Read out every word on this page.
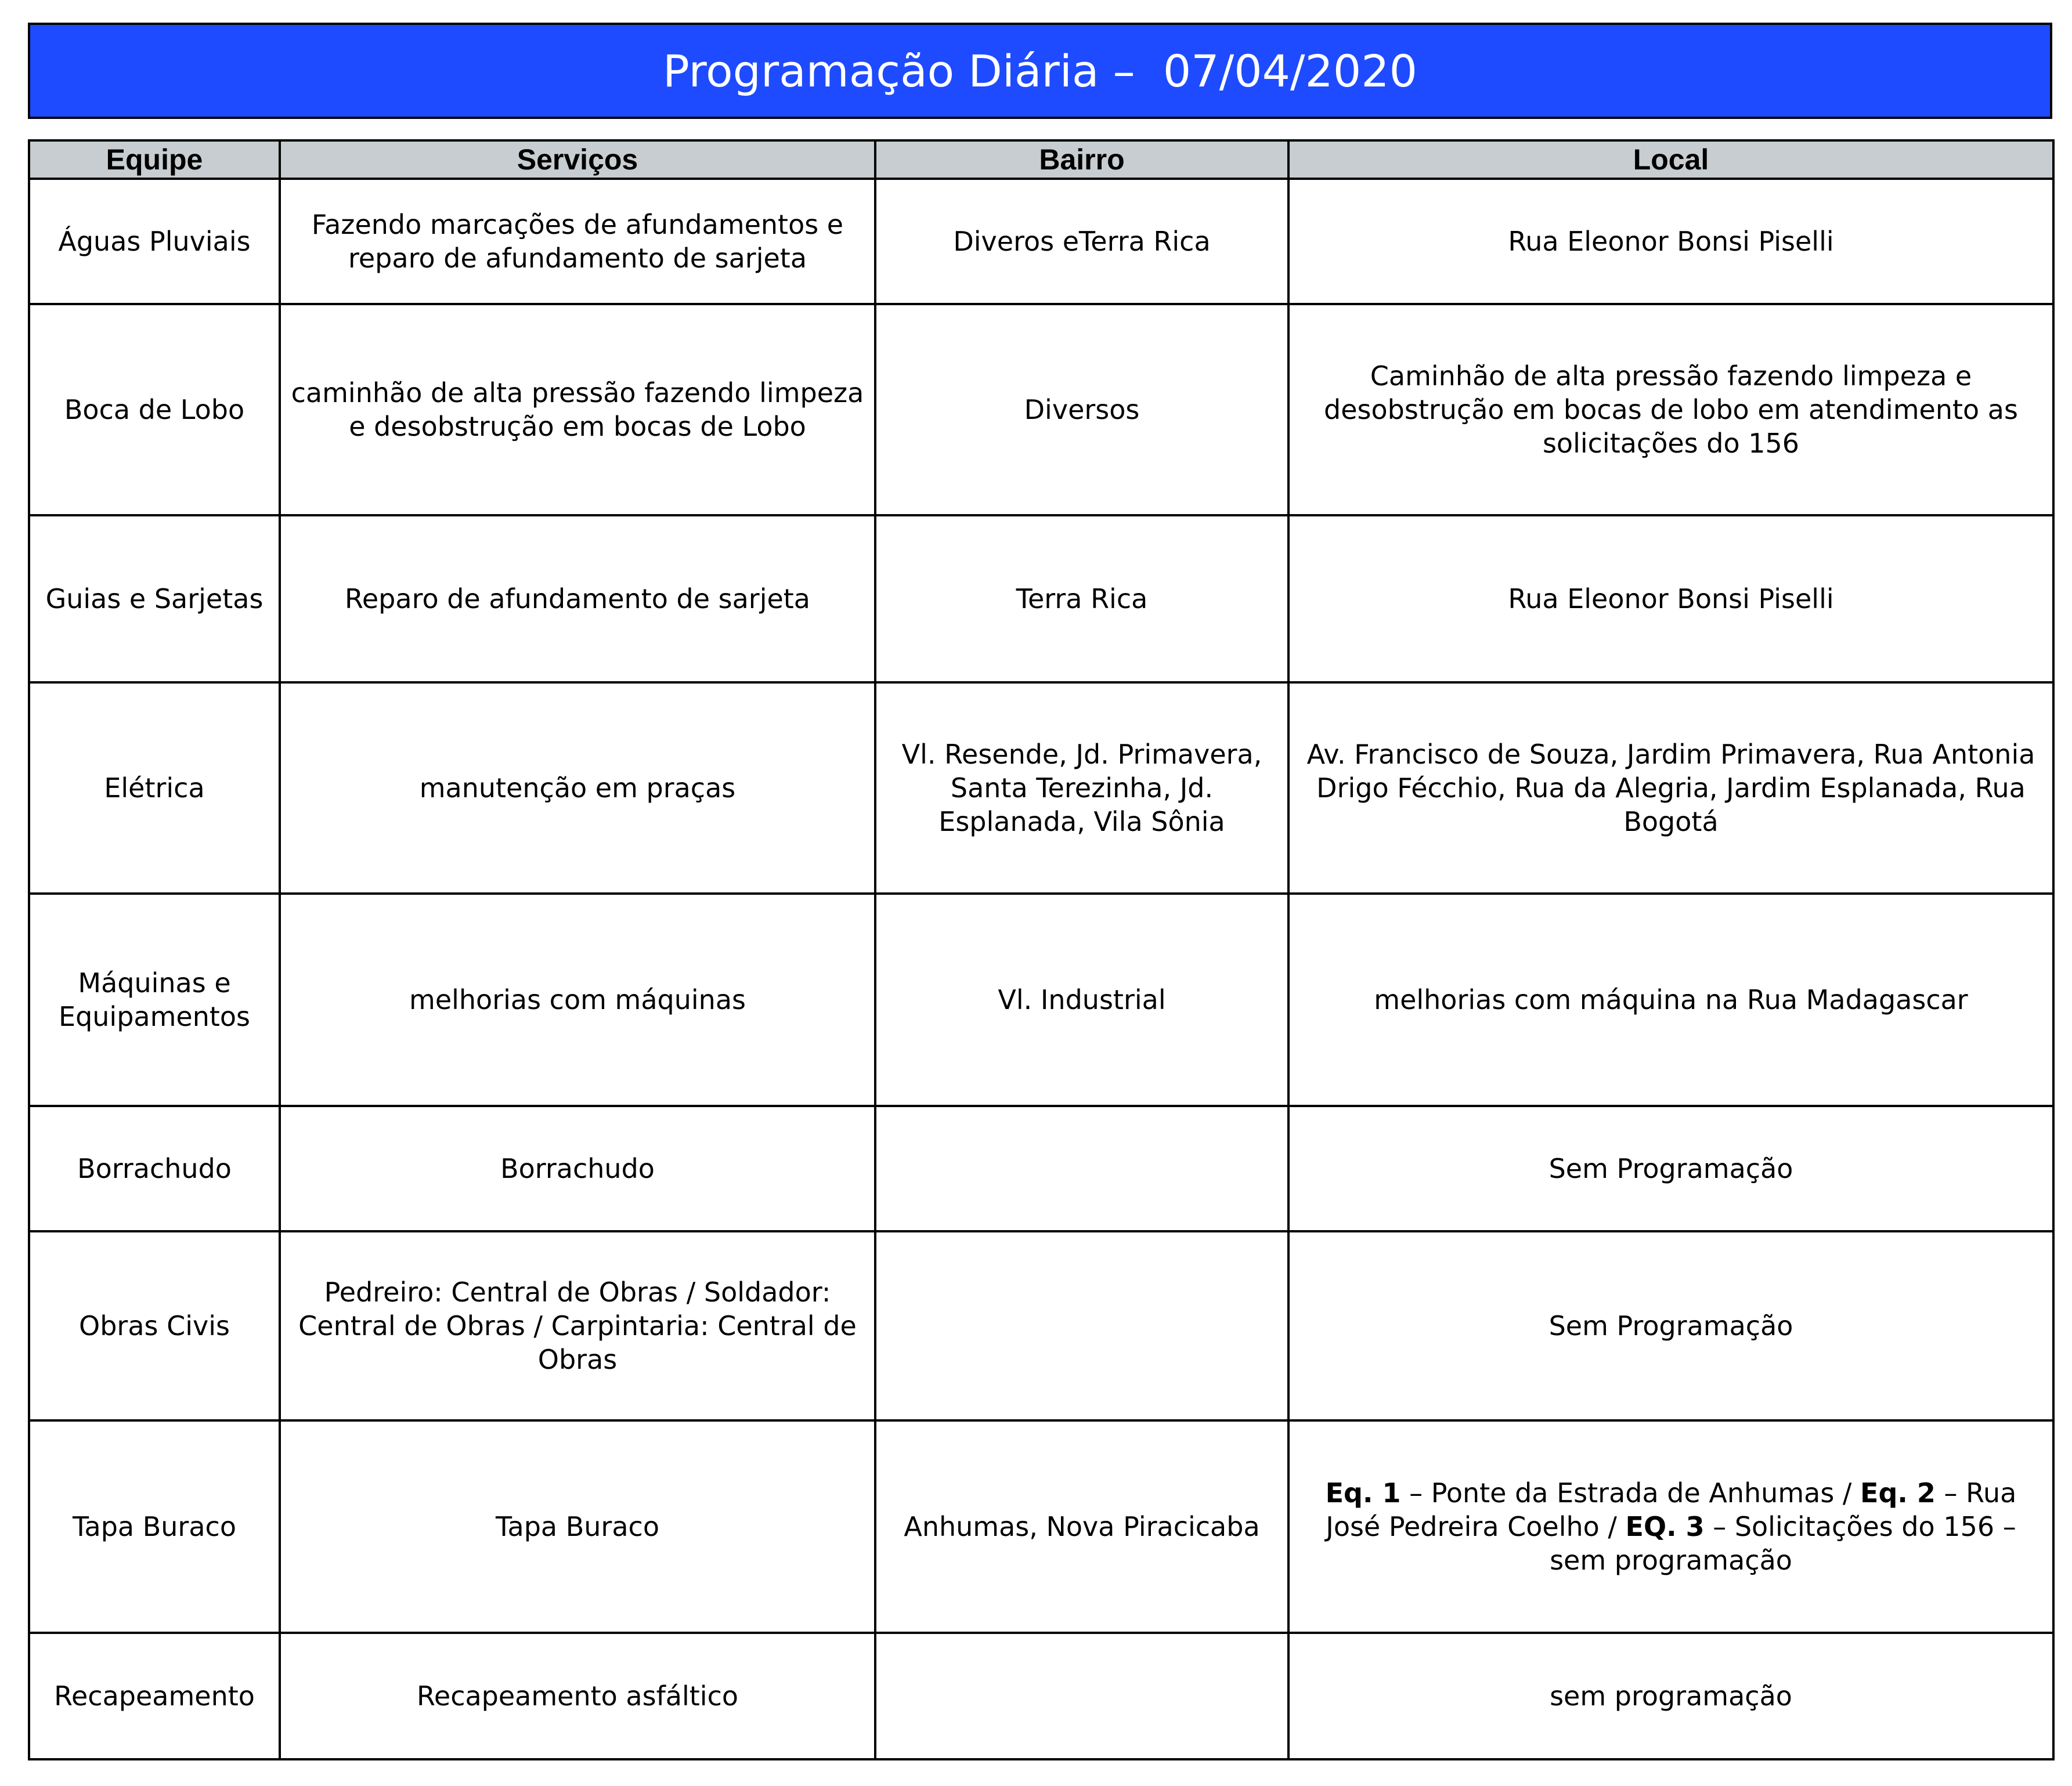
Programação Diária –  07/04/2020
Equipe	Serviços	Bairro	Local
Águas Pluviais	Fazendo marcações de afundamentos e reparo de afundamento de sarjeta	Diveros eTerra Rica	Rua Eleonor Bonsi Piselli
Boca de Lobo	caminhão de alta pressão fazendo limpeza e desobstrução em bocas de Lobo	Diversos	Caminhão de alta pressão fazendo limpeza e desobstrução em bocas de lobo em atendimento as solicitações do 156
Guias e Sarjetas	Reparo de afundamento de sarjeta	Terra Rica	Rua Eleonor Bonsi Piselli
Elétrica	manutenção em praças	Vl. Resende, Jd. Primavera, Santa Terezinha, Jd. Esplanada, Vila Sônia	Av. Francisco de Souza, Jardim Primavera, Rua Antonia Drigo Fécchio, Rua da Alegria, Jardim Esplanada, Rua Bogotá
Máquinas e Equipamentos	melhorias com máquinas	Vl. Industrial	melhorias com máquina na Rua Madagascar
Borrachudo	Borrachudo		Sem Programação
Obras Civis	Pedreiro: Central de Obras / Soldador: Central de Obras / Carpintaria: Central de Obras		Sem Programação
Tapa Buraco	Tapa Buraco	Anhumas, Nova Piracicaba	Eq. 1 – Ponte da Estrada de Anhumas / Eq. 2 – Rua José Pedreira Coelho / EQ. 3 – Solicitações do 156 – sem programação
Recapeamento	Recapeamento asfáltico		sem programação
